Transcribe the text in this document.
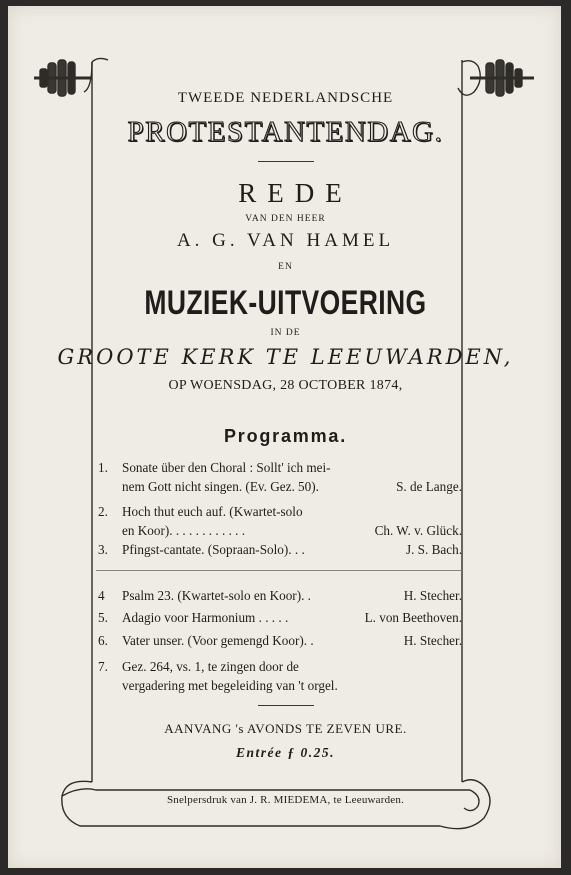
TWEEDE NEDERLANDSCHE
PROTESTANTENDAG.
REDE
VAN DEN HEER
A. G. VAN HAMEL
EN
MUZIEK-UITVOERING
IN DE
GROOTE KERK TE LEEUWARDEN,
OP WOENSDAG, 28 OCTOBER 1874,
Programma.
1.	Sonate über den Choral : Sollt' ich mei-
nem Gott nicht singen. (Ev. Gez. 50).	S. de Lange.
2.	Hoch thut euch auf. (Kwartet-solo
en Koor). . . . . . . . . . . .	Ch. W. v. Glück.
3.	Pfingst-cantate. (Sopraan-Solo). . .	J. S. Bach.
4	Psalm 23. (Kwartet-solo en Koor). .	H. Stecher.
5.	Adagio voor Harmonium . . . . .	L. von Beethoven.
6.	Vater unser. (Voor gemengd Koor). .	H. Stecher.
7.	Gez. 264, vs. 1, te zingen door de
vergadering met begeleiding van 't orgel.
AANVANG 's AVONDS TE ZEVEN URE.
Entrée ƒ 0.25.
Snelpersdruk van J. R. MIEDEMA, te Leeuwarden.
